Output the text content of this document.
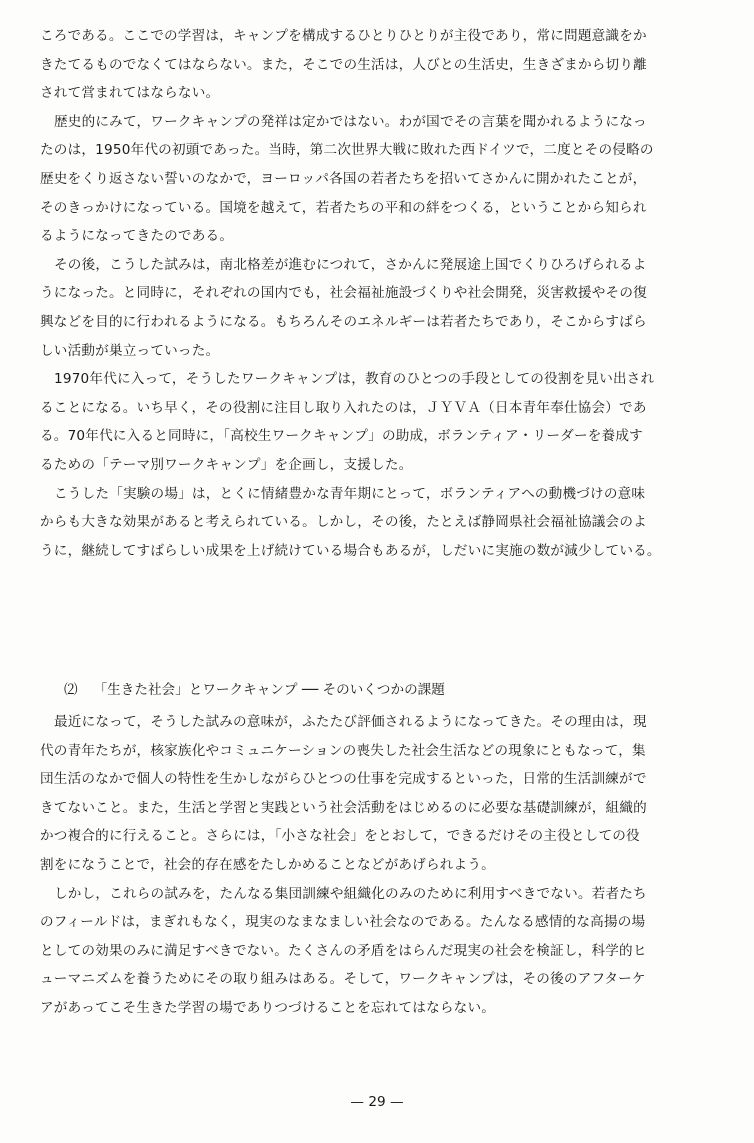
ころである。ここでの学習は，キャンプを構成するひとりひとりが主役であり，常に問題意識をか
きたてるものでなくてはならない。また，そこでの生活は，人びとの生活史，生きざまから切り離
されて営まれてはならない。
歴史的にみて，ワークキャンプの発祥は定かではない。わが国でその言葉を聞かれるようになっ
たのは，1950年代の初頭であった。当時，第二次世界大戦に敗れた西ドイツで，二度とその侵略の
歴史をくり返さない誓いのなかで，ヨーロッパ各国の若者たちを招いてさかんに開かれたことが，
そのきっかけになっている。国境を越えて，若者たちの平和の絆をつくる，ということから知られ
るようになってきたのである。
その後，こうした試みは，南北格差が進むにつれて，さかんに発展途上国でくりひろげられるよ
うになった。と同時に，それぞれの国内でも，社会福祉施設づくりや社会開発，災害救援やその復
興などを目的に行われるようになる。もちろんそのエネルギーは若者たちであり，そこからすばら
しい活動が巣立っていった。
1970年代に入って，そうしたワークキャンプは，教育のひとつの手段としての役割を見い出され
ることになる。いち早く，その役割に注目し取り入れたのは，ＪＹＶＡ（日本青年奉仕協会）であ
る。70年代に入ると同時に，「高校生ワークキャンプ」の助成，ボランティア・リーダーを養成す
るための「テーマ別ワークキャンプ」を企画し，支援した。
こうした「実験の場」は，とくに情緒豊かな青年期にとって，ボランティアへの動機づけの意味
からも大きな効果があると考えられている。しかし，その後，たとえば静岡県社会福祉協議会のよ
うに，継続してすばらしい成果を上げ続けている場合もあるが，しだいに実施の数が減少している。
⑵ 「生きた社会」とワークキャンプ ── そのいくつかの課題
最近になって，そうした試みの意味が，ふたたび評価されるようになってきた。その理由は，現
代の青年たちが，核家族化やコミュニケーションの喪失した社会生活などの現象にともなって，集
団生活のなかで個人の特性を生かしながらひとつの仕事を完成するといった，日常的生活訓練がで
きてないこと。また，生活と学習と実践という社会活動をはじめるのに必要な基礎訓練が，組織的
かつ複合的に行えること。さらには，「小さな社会」をとおして，できるだけその主役としての役
割をになうことで，社会的存在感をたしかめることなどがあげられよう。
しかし，これらの試みを，たんなる集団訓練や組織化のみのために利用すべきでない。若者たち
のフィールドは，まぎれもなく，現実のなまなましい社会なのである。たんなる感情的な高揚の場
としての効果のみに満足すべきでない。たくさんの矛盾をはらんだ現実の社会を検証し，科学的ヒ
ューマニズムを養うためにその取り組みはある。そして，ワークキャンプは，その後のアフターケ
アがあってこそ生きた学習の場でありつづけることを忘れてはならない。
— 29 —
